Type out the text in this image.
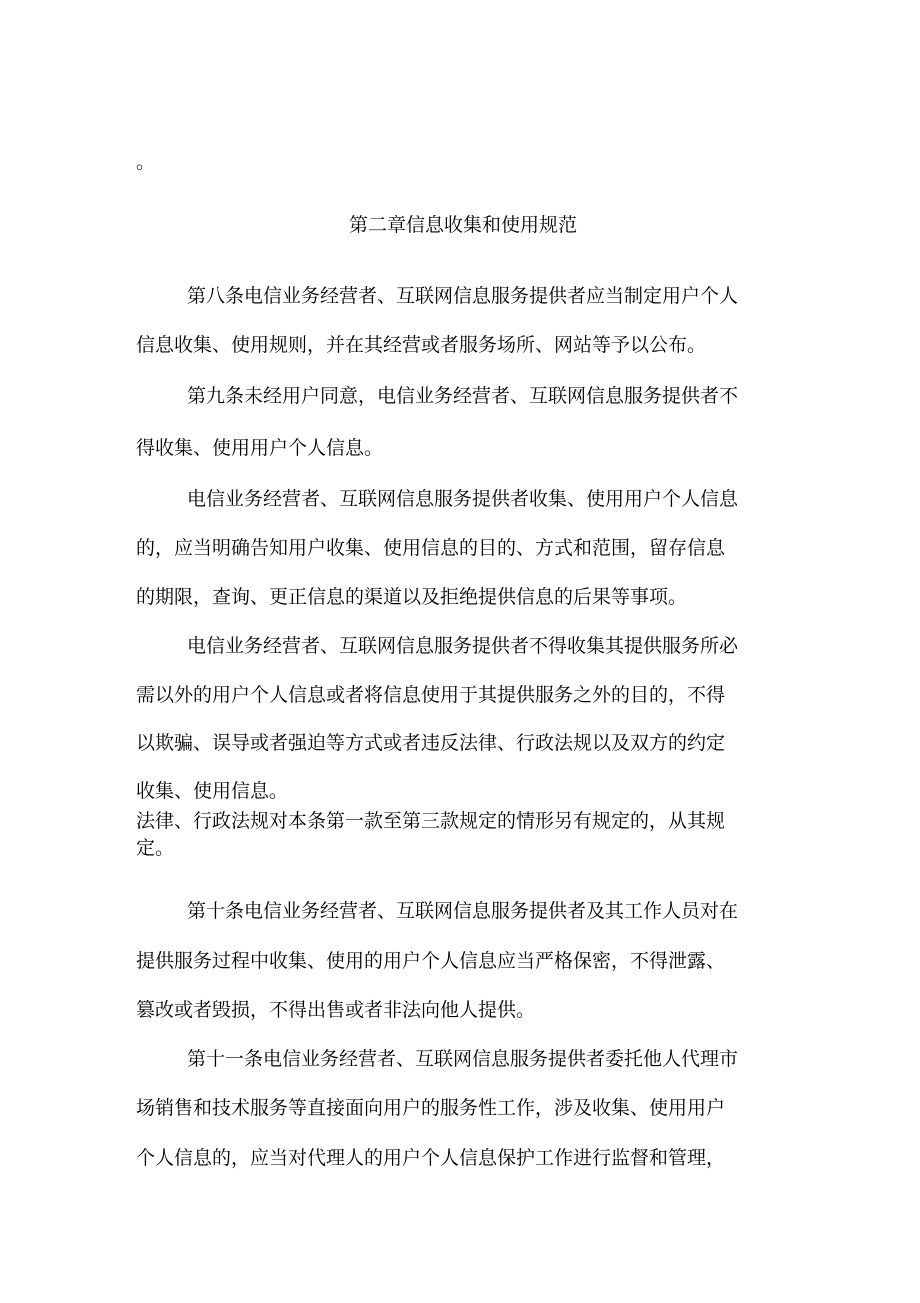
。
第二章信息收集和使用规范
第八条电信业务经营者、互联网信息服务提供者应当制定用户个人
信息收集、使用规则，并在其经营或者服务场所、网站等予以公布。
第九条未经用户同意，电信业务经营者、互联网信息服务提供者不
得收集、使用用户个人信息。
电信业务经营者、互联网信息服务提供者收集、使用用户个人信息
的，应当明确告知用户收集、使用信息的目的、方式和范围，留存信息
的期限，查询、更正信息的渠道以及拒绝提供信息的后果等事项。
电信业务经营者、互联网信息服务提供者不得收集其提供服务所必
需以外的用户个人信息或者将信息使用于其提供服务之外的目的，不得
以欺骗、误导或者强迫等方式或者违反法律、行政法规以及双方的约定
收集、使用信息。
法律、行政法规对本条第一款至第三款规定的情形另有规定的，从其规
定。
第十条电信业务经营者、互联网信息服务提供者及其工作人员对在
提供服务过程中收集、使用的用户个人信息应当严格保密，不得泄露、
篡改或者毁损，不得出售或者非法向他人提供。
第十一条电信业务经营者、互联网信息服务提供者委托他人代理市
场销售和技术服务等直接面向用户的服务性工作，涉及收集、使用用户
个人信息的，应当对代理人的用户个人信息保护工作进行监督和管理，
